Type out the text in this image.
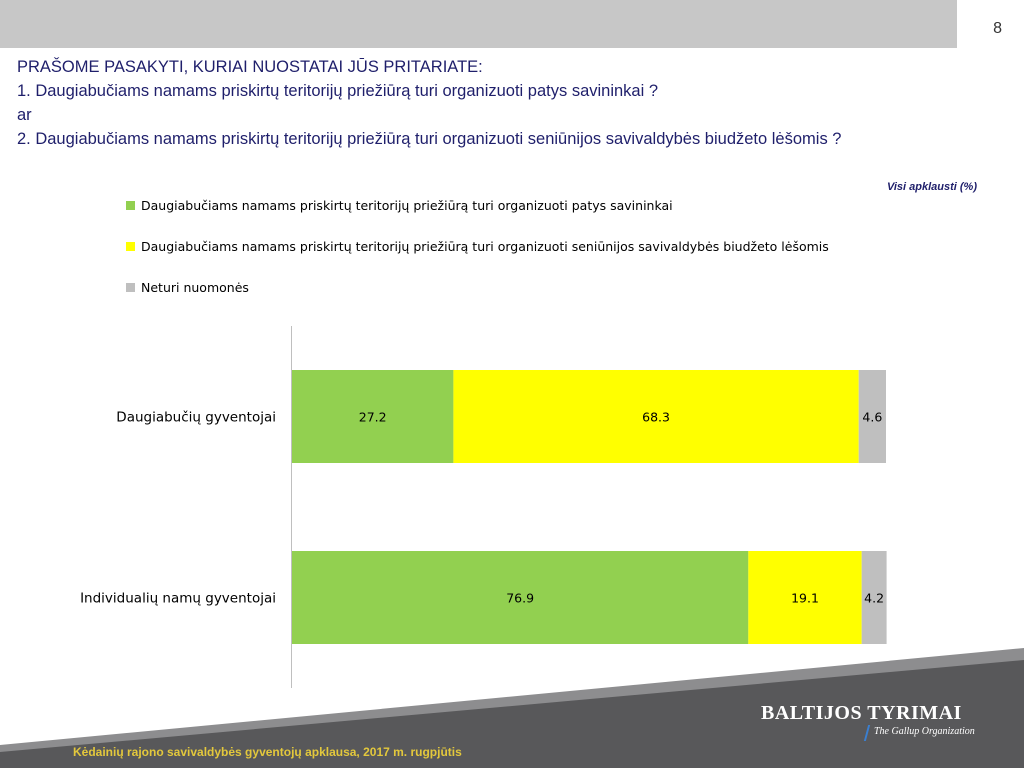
8
PRAŠOME PASAKYTI, KURIAI NUOSTATAI JŪS PRITARIATE:
1. Daugiabučiams namams priskirtų teritorijų priežiūrą turi organizuoti patys savininkai ?
ar
2. Daugiabučiams namams priskirtų teritorijų priežiūrą turi organizuoti seniūnijos savivaldybės biudžeto lėšomis ?
Visi apklausti (%)
Daugiabučiams namams priskirtų teritorijų priežiūrą turi organizuoti patys savininkai
Daugiabučiams namams priskirtų teritorijų priežiūrą turi organizuoti seniūnijos savivaldybės biudžeto lėšomis
Neturi nuomonės
27.2	68.3	4.6
Daugiabučių gyventojai
76.9	19.1	4.2
Individualių namų gyventojai
Kėdainių rajono savivaldybės gyventojų apklausa, 2017 m. rugpjūtis
BALTIJOS TYRIMAI
The Gallup Organization
